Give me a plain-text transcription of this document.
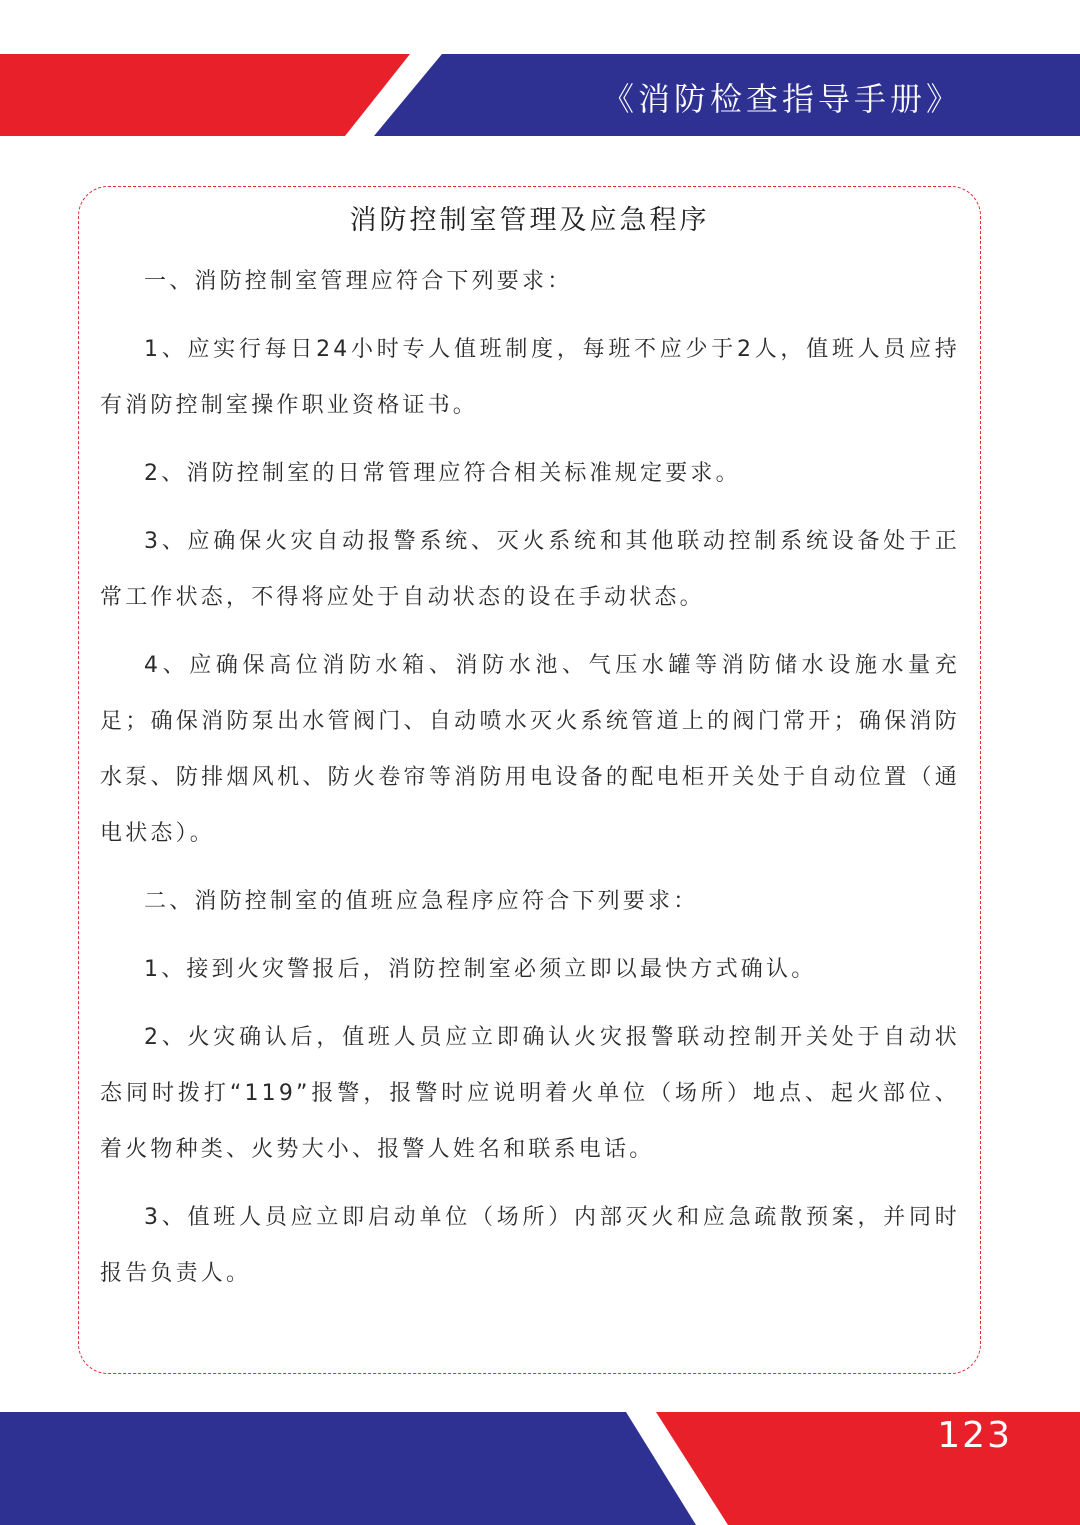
《消防检查指导手册》
消防控制室管理及应急程序

一、消防控制室管理应符合下列要求：

1、应实行每日24小时专人值班制度，每班不应少于2人，值班人员应持有消防控制室操作职业资格证书。

2、消防控制室的日常管理应符合相关标准规定要求。

3、应确保火灾自动报警系统、灭火系统和其他联动控制系统设备处于正常工作状态，不得将应处于自动状态的设在手动状态。

4、应确保高位消防水箱、消防水池、气压水罐等消防储水设施水量充足；确保消防泵出水管阀门、自动喷水灭火系统管道上的阀门常开；确保消防水泵、防排烟风机、防火卷帘等消防用电设备的配电柜开关处于自动位置（通电状态）。

二、消防控制室的值班应急程序应符合下列要求：

1、接到火灾警报后，消防控制室必须立即以最快方式确认。

2、火灾确认后，值班人员应立即确认火灾报警联动控制开关处于自动状态同时拨打“119”报警，报警时应说明着火单位（场所）地点、起火部位、着火物种类、火势大小、报警人姓名和联系电话。

3、值班人员应立即启动单位（场所）内部灭火和应急疏散预案，并同时报告负责人。

123
